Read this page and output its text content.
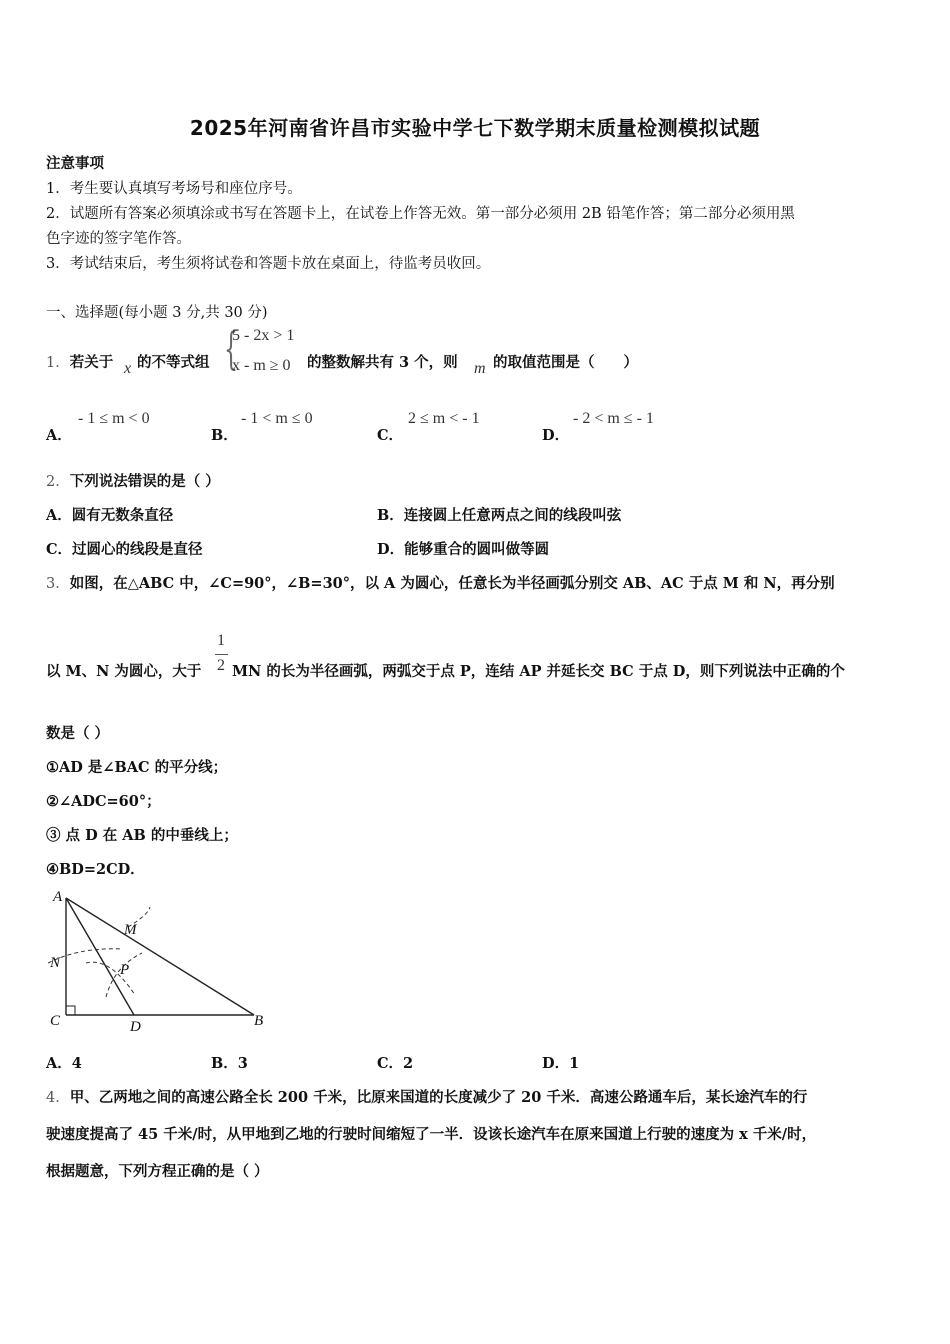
2025年河南省许昌市实验中学七下数学期末质量检测模拟试题
注意事项
1．考生要认真填写考场号和座位序号。
2．试题所有答案必须填涂或书写在答题卡上，在试卷上作答无效。第一部分必须用 2B 铅笔作答；第二部分必须用黑
色字迹的签字笔作答。
3．考试结束后，考生须将试卷和答题卡放在桌面上，待监考员收回。
一、选择题(每小题 3 分,共 30 分)
1．若关于 x 的不等式组 {
5 - 2x > 1
x - m ≥ 0 的整数解共有 3 个，则 m 的取值范围是（　　）
A．
- 1 ≤ m < 0
B．
- 1 < m ≤ 0
C．
2 ≤ m < - 1
D．
- 2 < m ≤ - 1
2．下列说法错误的是（ ）
A．圆有无数条直径	B．连接圆上任意两点之间的线段叫弦
C．过圆心的线段是直径	D．能够重合的圆叫做等圆
3．如图，在△ABC 中，∠C=90°，∠B=30°，以 A 为圆心，任意长为半径画弧分别交 AB、AC 于点 M 和 N，再分别
以 M、N 为圆心，大于
1
2 MN 的长为半径画弧，两弧交于点 P，连结 AP 并延长交 BC 于点 D，则下列说法中正确的个
数是（ ）
①AD 是∠BAC 的平分线；
②∠ADC=60°；
③ 点 D 在 AB 的中垂线上；
④BD=2CD．
A
M
N	P
C	D	B
A．4	B．3	C．2	D．1
4．甲、乙两地之间的高速公路全长 200 千米，比原来国道的长度减少了 20 千米．高速公路通车后，某长途汽车的行
驶速度提高了 45 千米/时，从甲地到乙地的行驶时间缩短了一半．设该长途汽车在原来国道上行驶的速度为 x 千米/时，
根据题意，下列方程正确的是（ ）
